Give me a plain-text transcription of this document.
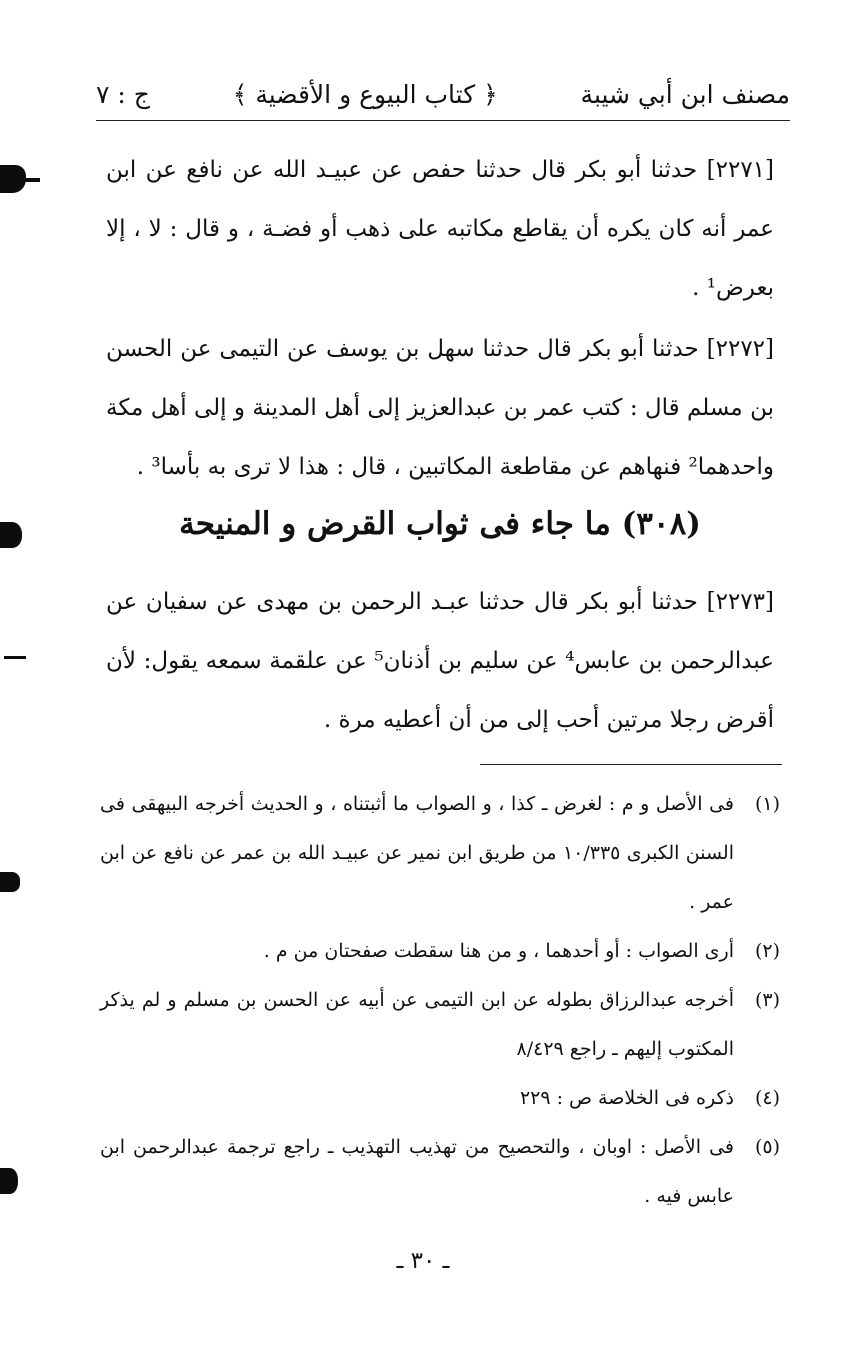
مصنف ابن أبي شيبة
﴿ كتاب البيوع و الأقضية ﴾
ج : ٧

[٢٢٧١] حدثنا أبو بكر قال حدثنا حفص عن عبيـد الله عن نافع عن ابن عمر أنه كان يكره أن يقاطع مكاتبه على ذهب أو فضـة ، و قال : لا ، إلا بعرض¹ .

[٢٢٧٢] حدثنا أبو بكر قال حدثنا سهل بن يوسف عن التيمى عن الحسن بن مسلم قال : كتب عمر بن عبدالعزيز إلى أهل المدينة و إلى أهل مكة واحدهما² فنهاهم عن مقاطعة المكاتبين ، قال : هذا لا ترى به بأسا³ .

(٣٠٨) ما جاء فى ثواب القرض و المنيحة

[٢٢٧٣] حدثنا أبو بكر قال حدثنا عبـد الرحمن بن مهدى عن سفيان عن عبدالرحمن بن عابس⁴ عن سليم بن أذنان⁵ عن علقمة سمعه يقول: لأن أقرض رجلا مرتين أحب إلى من أن أعطيه مرة .

(١)
فى الأصل و م : لغرض ـ كذا ، و الصواب ما أثبتناه ، و الحديث أخرجه البيهقى فى السنن الكبرى ١٠/٣٣٥ من طريق ابن نمير عن عبيـد الله بن عمر عن نافع عن ابن عمر .
(٢)
أرى الصواب : أو أحدهما ، و من هنا سقطت صفحتان من م .
(٣)
أخرجه عبدالرزاق بطوله عن ابن التيمى عن أبيه عن الحسن بن مسلم و لم يذكر المكتوب إليهم ـ راجع ٨/٤٢٩
(٤)
ذكره فى الخلاصة ص : ٢٢٩
(٥)
فى الأصل : اوبان ، والتحصيح من تهذيب التهذيب ـ راجع ترجمة عبدالرحمن ابن عابس فيه .
ـ ٣٠ ـ
